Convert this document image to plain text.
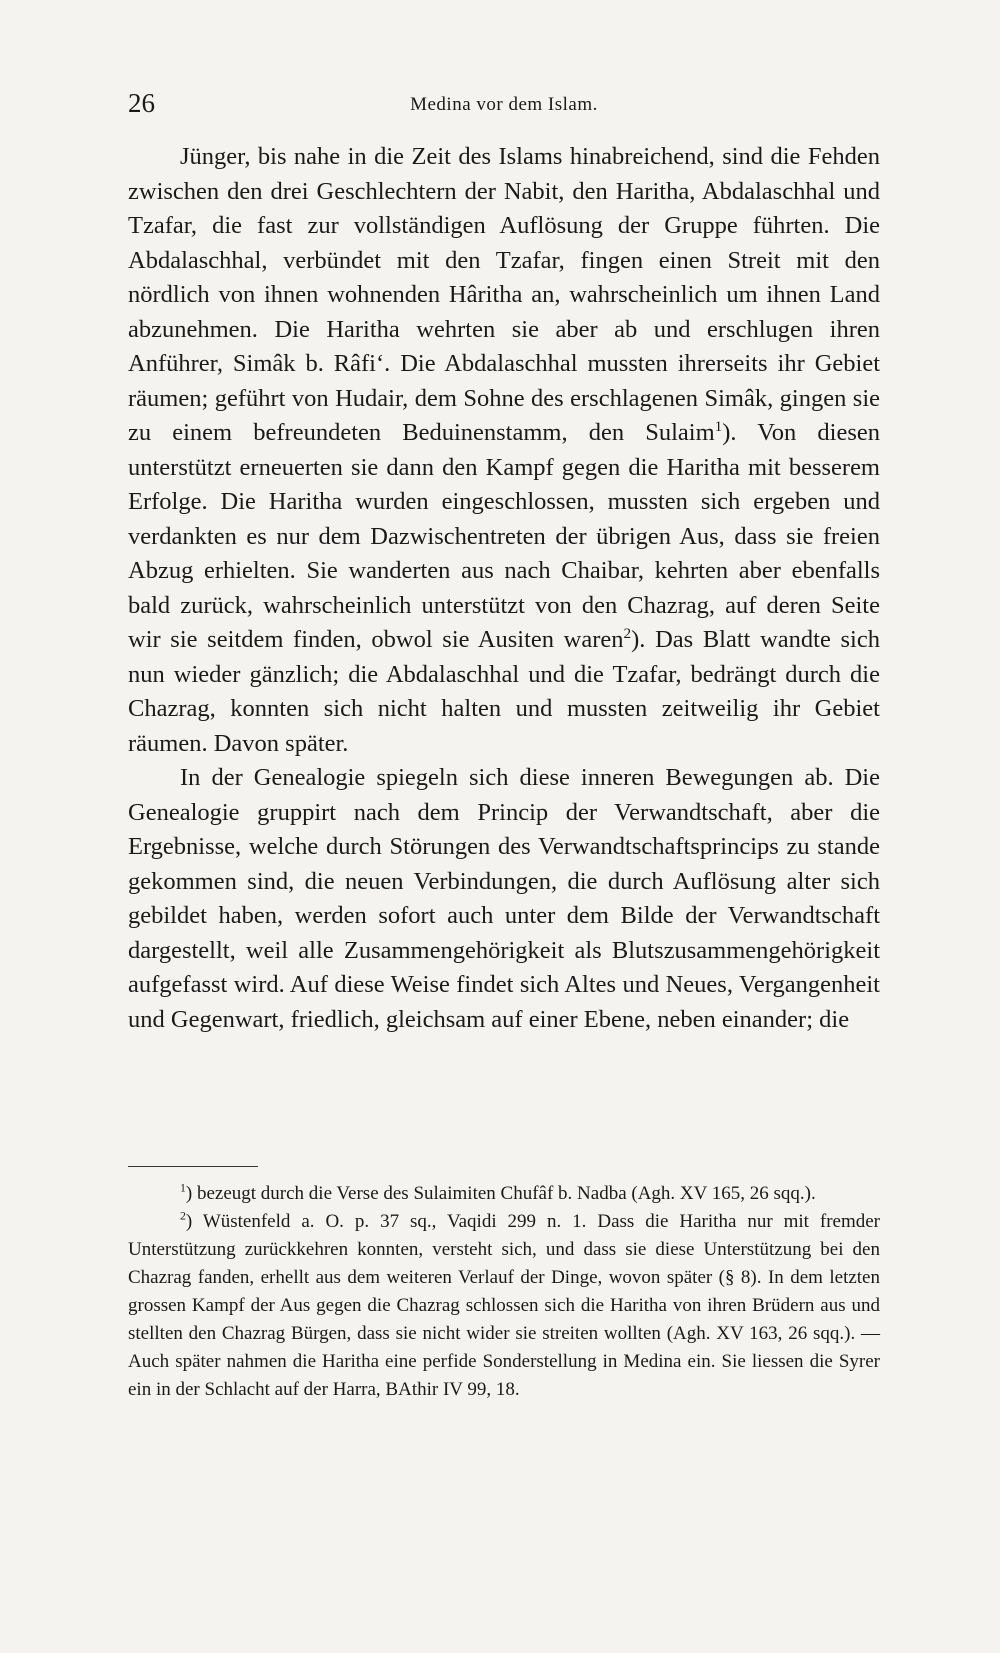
26	Medina vor dem Islam.

Jünger, bis nahe in die Zeit des Islams hinabreichend, sind die Fehden zwischen den drei Geschlechtern der Nabit, den Haritha, Abdalaschhal und Tzafar, die fast zur vollständigen Auflösung der Gruppe führten. Die Abdalaschhal, verbündet mit den Tzafar, fingen einen Streit mit den nördlich von ihnen wohnenden Hâritha an, wahrscheinlich um ihnen Land abzunehmen. Die Haritha wehrten sie aber ab und erschlugen ihren Anführer, Simâk b. Râfi‘. Die Abdalaschhal mussten ihrerseits ihr Gebiet räumen; geführt von Hudair, dem Sohne des erschlagenen Simâk, gingen sie zu einem befreundeten Beduinenstamm, den Sulaim$^1$). Von diesen unterstützt erneuerten sie dann den Kampf gegen die Haritha mit besserem Erfolge. Die Haritha wurden eingeschlossen, mussten sich ergeben und verdankten es nur dem Dazwischentreten der übrigen Aus, dass sie freien Abzug erhielten. Sie wanderten aus nach Chaibar, kehrten aber ebenfalls bald zurück, wahrscheinlich unterstützt von den Chazrag, auf deren Seite wir sie seitdem finden, obwol sie Ausiten waren$^2$). Das Blatt wandte sich nun wieder gänzlich; die Abdalaschhal und die Tzafar, bedrängt durch die Chazrag, konnten sich nicht halten und mussten zeitweilig ihr Gebiet räumen. Davon später.

In der Genealogie spiegeln sich diese inneren Bewegungen ab. Die Genealogie gruppirt nach dem Princip der Verwandtschaft, aber die Ergebnisse, welche durch Störungen des Verwandtschaftsprincips zu stande gekommen sind, die neuen Verbindungen, die durch Auflösung alter sich gebildet haben, werden sofort auch unter dem Bilde der Verwandtschaft dargestellt, weil alle Zusammengehörigkeit als Blutszusammengehörigkeit aufgefasst wird. Auf diese Weise findet sich Altes und Neues, Vergangenheit und Gegenwart, friedlich, gleichsam auf einer Ebene, neben einander; die

$^1$) bezeugt durch die Verse des Sulaimiten Chufâf b. Nadba (Agh. XV 165, 26 sqq.).

$^2$) Wüstenfeld a. O. p. 37 sq., Vaqidi 299 n. 1. Dass die Haritha nur mit fremder Unterstützung zurückkehren konnten, versteht sich, und dass sie diese Unterstützung bei den Chazrag fanden, erhellt aus dem weiteren Verlauf der Dinge, wovon später (§ 8). In dem letzten grossen Kampf der Aus gegen die Chazrag schlossen sich die Haritha von ihren Brüdern aus und stellten den Chazrag Bürgen, dass sie nicht wider sie streiten wollten (Agh. XV 163, 26 sqq.). — Auch später nahmen die Haritha eine perfide Sonderstellung in Medina ein. Sie liessen die Syrer ein in der Schlacht auf der Harra, BAthir IV 99, 18.
